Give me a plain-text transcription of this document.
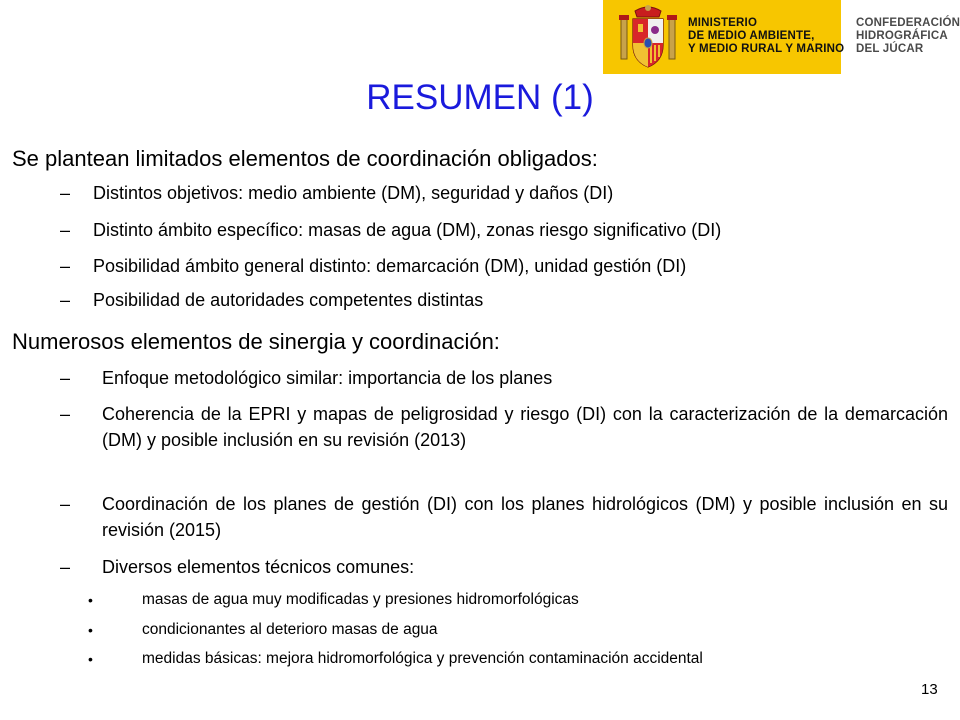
MINISTERIO
DE MEDIO AMBIENTE,
Y MEDIO RURAL Y MARINO
CONFEDERACIÓN
HIDROGRÁFICA
DEL JÚCAR
RESUMEN (1)
Se plantean limitados elementos de coordinación obligados:
– Distintos objetivos: medio ambiente (DM), seguridad y daños (DI)
– Distinto ámbito específico: masas de agua (DM), zonas riesgo significativo (DI)
– Posibilidad ámbito general distinto: demarcación (DM), unidad gestión (DI)
– Posibilidad de autoridades competentes distintas
Numerosos elementos de sinergia y coordinación:
– Enfoque metodológico similar: importancia de los planes
– Coherencia de la EPRI y mapas de peligrosidad y riesgo (DI) con la caracterización de la demarcación (DM) y posible inclusión en su revisión (2013)
– Coordinación de los planes de gestión (DI) con los planes hidrológicos (DM) y posible inclusión en su revisión (2015)
– Diversos elementos técnicos comunes:
•	masas de agua muy modificadas y presiones hidromorfológicas
•	condicionantes al deterioro masas de agua
•	medidas básicas: mejora hidromorfológica y prevención contaminación accidental
13
